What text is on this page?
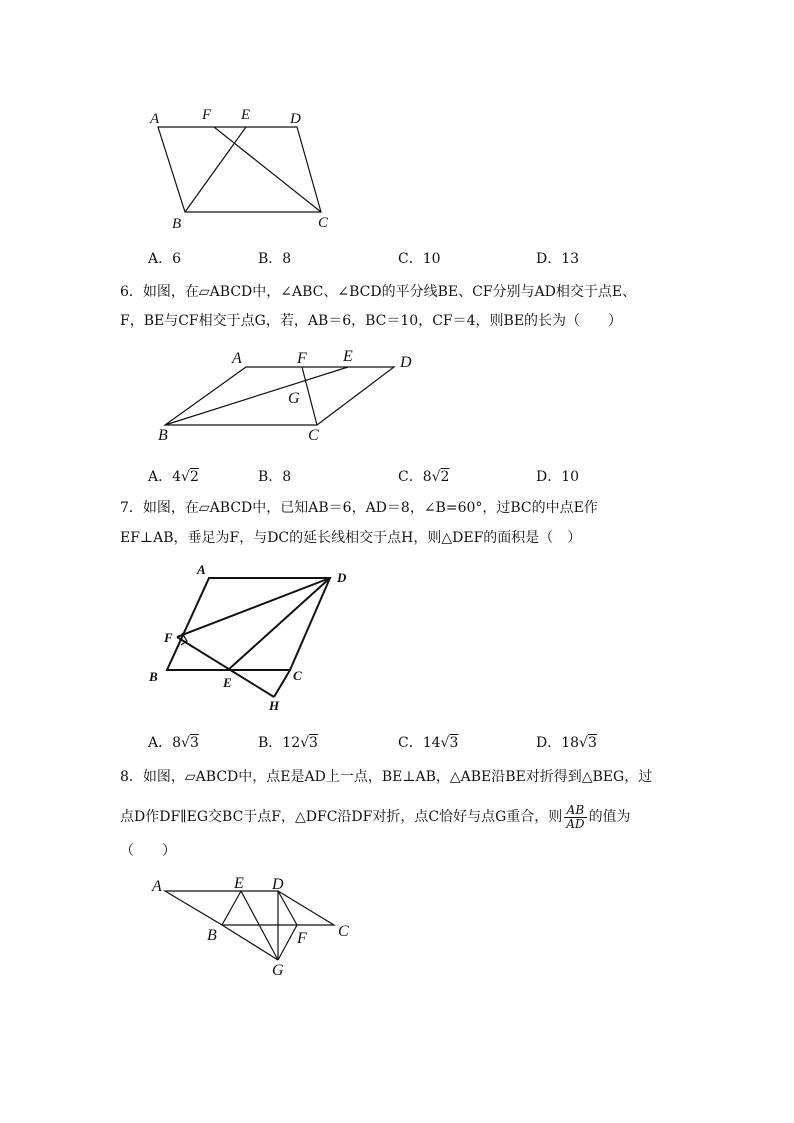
A	F E	D
B	C
A．6	B．8	C．10	D．13
6．如图，在▱ABCD中，∠ABC、∠BCD的平分线BE、CF分别与AD相交于点E、
F，BE与CF相交于点G，若，AB＝6，BC＝10，CF＝4，则BE的长为（　　）
A	F E	D
G
B	C
A．4√2	B．8	C．8√2	D．10
7．如图，在▱ABCD中，已知AB＝6，AD＝8，∠B=60°，过BC的中点E作
EF⊥AB，垂足为F，与DC的延长线相交于点H，则△DEF的面积是（　）
A
D
F
B	E	C
H
A．8√3	B．12√3	C．14√3	D．18√3
8．如图，▱ABCD中，点E是AD上一点，BE⊥AB，△ABE沿BE对折得到△BEG，过
点D作DF∥EG交BC于点F，△DFC沿DF对折，点C恰好与点G重合，则 $\frac{AB}{AD}$ 的值为
（　　）
A	E D
B	F C
G
